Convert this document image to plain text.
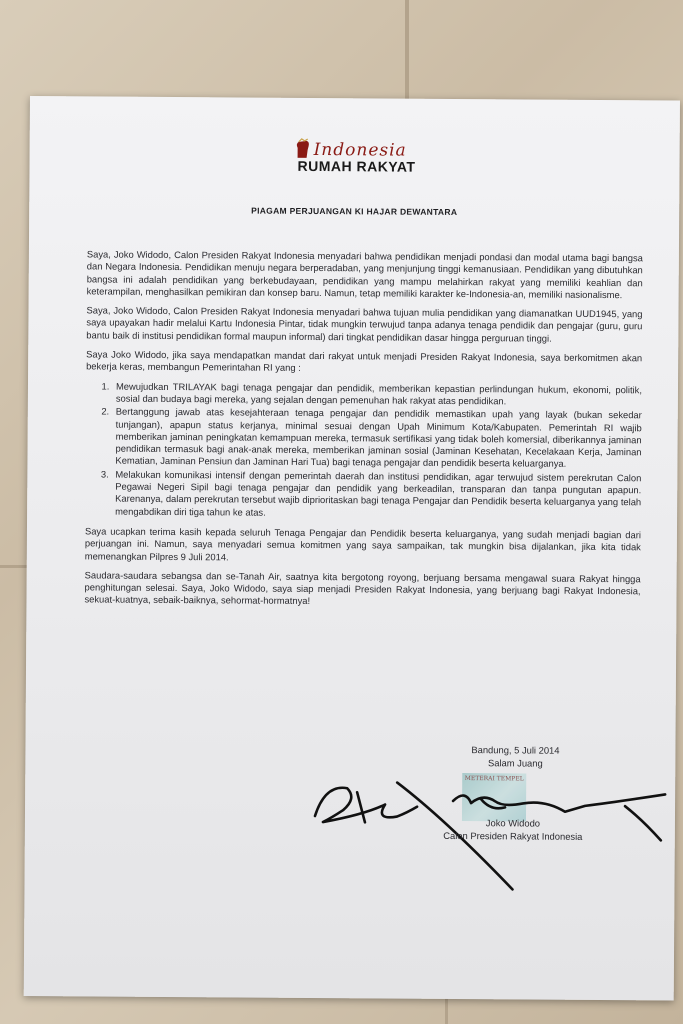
Indonesia
RUMAH RAKYAT
PIAGAM PERJUANGAN KI HAJAR DEWANTARA

Saya, Joko Widodo, Calon Presiden Rakyat Indonesia menyadari bahwa pendidikan menjadi pondasi dan modal utama bagi bangsa dan Negara Indonesia. Pendidikan menuju negara berperadaban, yang menjunjung tinggi kemanusiaan. Pendidikan yang dibutuhkan bangsa ini adalah pendidikan yang berkebudayaan, pendidikan yang mampu melahirkan rakyat yang memiliki keahlian dan keterampilan, menghasilkan pemikiran dan konsep baru. Namun, tetap memiliki karakter ke-Indonesia-an, memiliki nasionalisme.

Saya, Joko Widodo, Calon Presiden Rakyat Indonesia menyadari bahwa tujuan mulia pendidikan yang diamanatkan UUD1945, yang saya upayakan hadir melalui Kartu Indonesia Pintar, tidak mungkin terwujud tanpa adanya tenaga pendidik dan pengajar (guru, guru bantu baik di institusi pendidikan formal maupun informal) dari tingkat pendidikan dasar hingga perguruan tinggi.

Saya Joko Widodo, jika saya mendapatkan mandat dari rakyat untuk menjadi Presiden Rakyat Indonesia, saya berkomitmen akan bekerja keras, membangun Pemerintahan RI yang :

1. Mewujudkan TRILAYAK bagi tenaga pengajar dan pendidik, memberikan kepastian perlindungan hukum, ekonomi, politik, sosial dan budaya bagi mereka, yang sejalan dengan pemenuhan hak rakyat atas pendidikan.
2. Bertanggung jawab atas kesejahteraan tenaga pengajar dan pendidik memastikan upah yang layak (bukan sekedar tunjangan), apapun status kerjanya, minimal sesuai dengan Upah Minimum Kota/Kabupaten. Pemerintah RI wajib memberikan jaminan peningkatan kemampuan mereka, termasuk sertifikasi yang tidak boleh komersial, diberikannya jaminan pendidikan termasuk bagi anak-anak mereka, memberikan jaminan sosial (Jaminan Kesehatan, Kecelakaan Kerja, Jaminan Kematian, Jaminan Pensiun dan Jaminan Hari Tua) bagi tenaga pengajar dan pendidik beserta keluarganya.
3. Melakukan komunikasi intensif dengan pemerintah daerah dan institusi pendidikan, agar terwujud sistem perekrutan Calon Pegawai Negeri Sipil bagi tenaga pengajar dan pendidik yang berkeadilan, transparan dan tanpa pungutan apapun. Karenanya, dalam perekrutan tersebut wajib diprioritaskan bagi tenaga Pengajar dan Pendidik beserta keluarganya yang telah mengabdikan diri tiga tahun ke atas.

Saya ucapkan terima kasih kepada seluruh Tenaga Pengajar dan Pendidik beserta keluarganya, yang sudah menjadi bagian dari perjuangan ini. Namun, saya menyadari semua komitmen yang saya sampaikan, tak mungkin bisa dijalankan, jika kita tidak memenangkan Pilpres 9 Juli 2014.

Saudara-saudara sebangsa dan se-Tanah Air, saatnya kita bergotong royong, berjuang bersama mengawal suara Rakyat hingga penghitungan selesai. Saya, Joko Widodo, saya siap menjadi Presiden Rakyat Indonesia, yang berjuang bagi Rakyat Indonesia, sekuat-kuatnya, sebaik-baiknya, sehormat-hormatnya!

Bandung, 5 Juli 2014
Salam Juang
METERAI TEMPEL
Joko Widodo
Calon Presiden Rakyat Indonesia
